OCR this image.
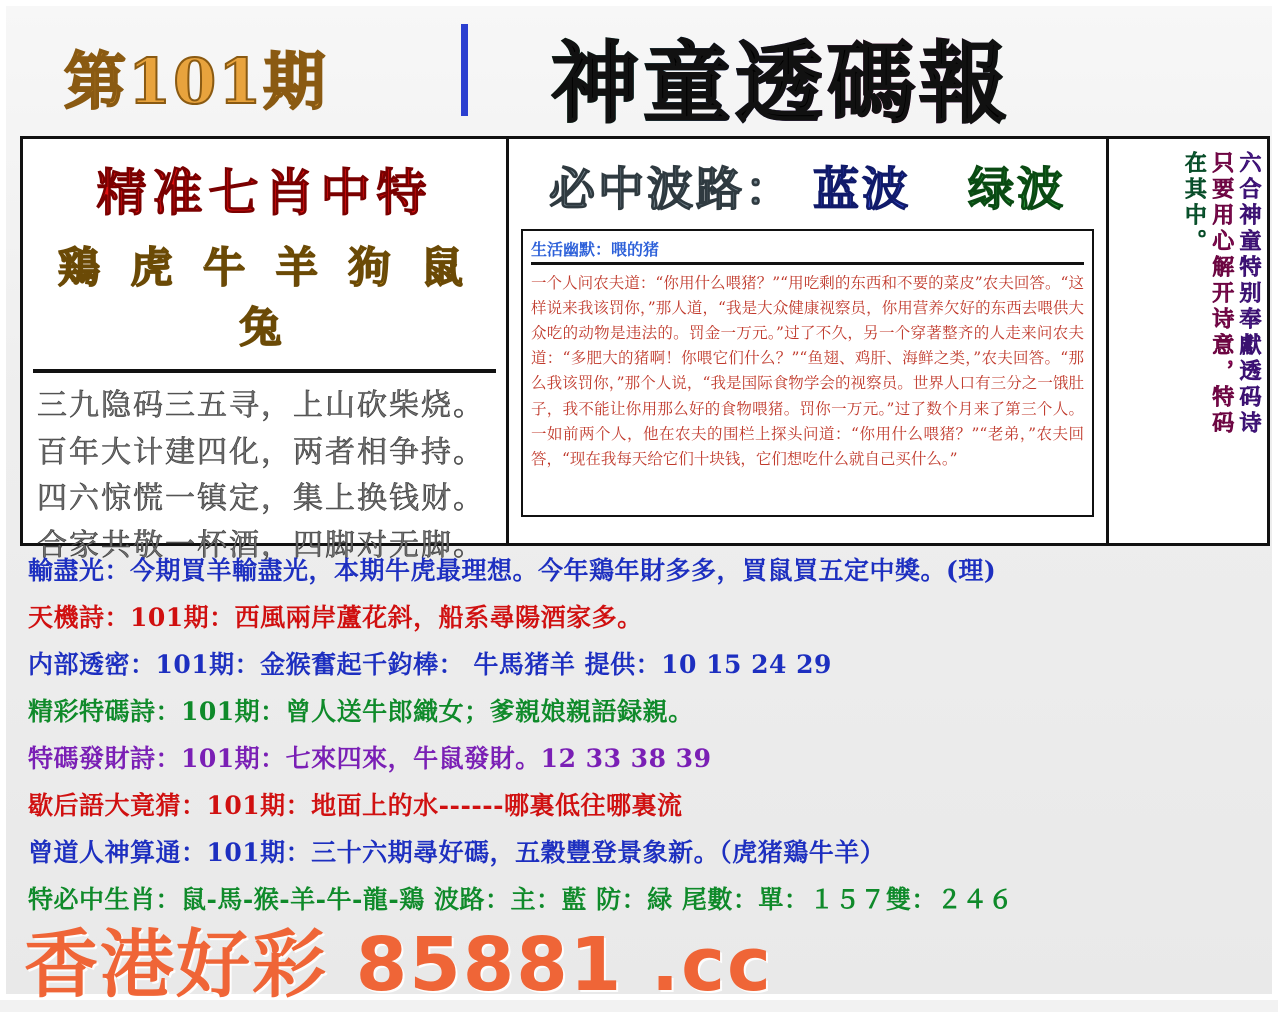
第101期	神童透碼報
精准七肖中特
鶏 虎 牛 羊 狗 鼠 兔
三九隐码三五寻，上山砍柴烧。
百年大计建四化，两者相争持。
四六惊慌一镇定，集上换钱财。
合家共敬一杯酒，四脚对无脚。
必中波路： 蓝波 绿波
生活幽默：喂的猪
一个人问农夫道：“你用什么喂猪？”“用吃剩的东西和不要的菜皮”农夫回答。“这样说来我该罚你，”那人道，“我是大众健康视察员，你用营养欠好的东西去喂供大众吃的动物是违法的。罚金一万元。”过了不久，另一个穿著整齐的人走来问农夫道：“多肥大的猪啊！你喂它们什么？”“鱼翅、鸡肝、海鲜之类，”农夫回答。“那么我该罚你，”那个人说，“我是国际食物学会的视察员。世界人口有三分之一饿肚子，我不能让你用那么好的食物喂猪。罚你一万元。”过了数个月来了第三个人。一如前两个人，他在农夫的围栏上探头问道：“你用什么喂猪？”“老弟，”农夫回答，“现在我每天给它们十块钱，它们想吃什么就自己买什么。”
六合神童特别奉獻透码诗
只要用心解开诗意，特码
在其中。
輸盡光：今期買羊輸盡光，本期牛虎最理想。今年鶏年財多多，買鼠買五定中獎。(理)
天機詩：101期：西風兩岸蘆花斜，船系尋陽酒家多。
内部透密：101期：金猴奮起千鈞棒： 牛馬猪羊 提供：10 15 24 29
精彩特碼詩：101期：曾人送牛郎織女；爹親娘親語録親。
特碼發財詩：101期：七來四來，牛鼠發財。12 33 38 39
歇后語大竟猜：101期：地面上的水------哪裏低往哪裏流
曾道人神算通：101期：三十六期尋好碼，五穀豐登景象新。（虎猪鶏牛羊）
特必中生肖：鼠-馬-猴-羊-牛-龍-鶏 波路：主：藍 防：緑 尾數：單：１５７雙：２４６
香港好彩 85881 .cc
